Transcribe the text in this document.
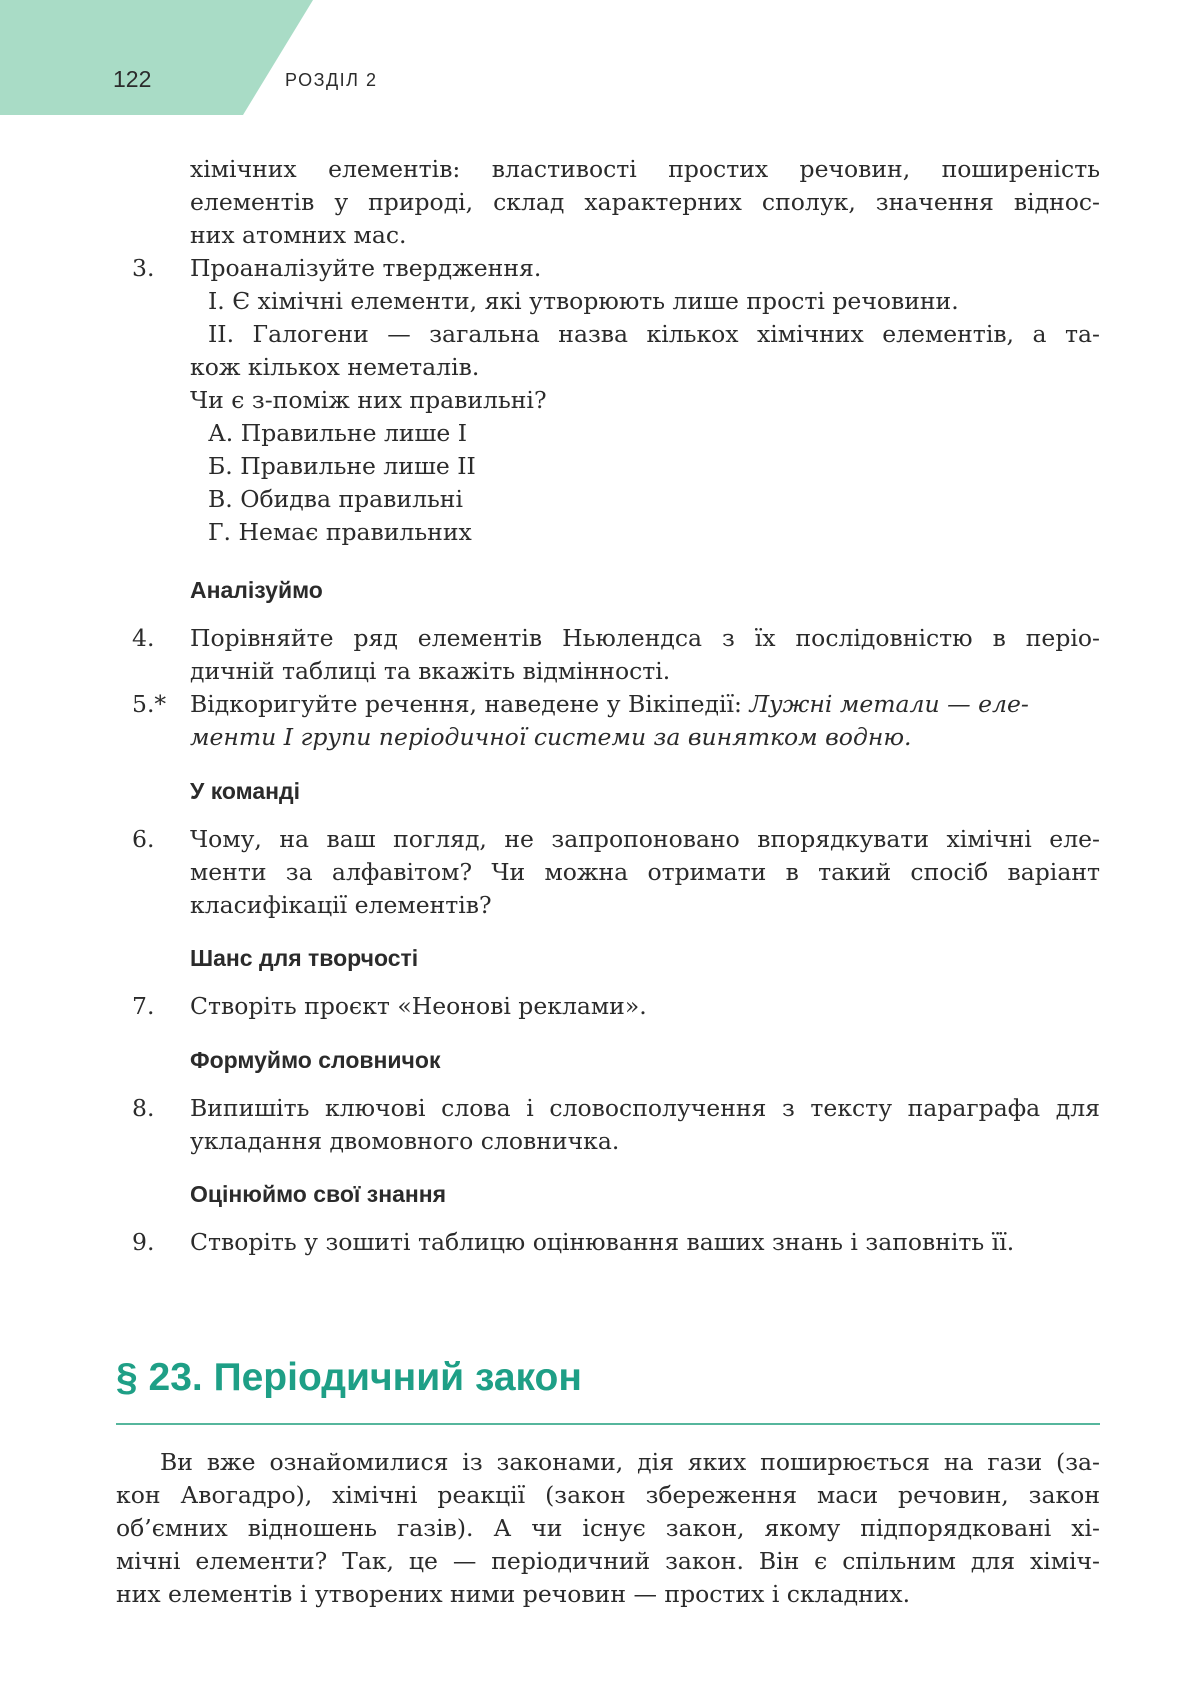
122	РОЗДІЛ 2
хімічних елементів: властивості простих речовин, поширеність
елементів у природі, склад характерних сполук, значення віднос-
них атомних мас.
3. Проаналізуйте твердження.
І. Є хімічні елементи, які утворюють лише прості речовини.
ІІ. Галогени — загальна назва кількох хімічних елементів, а та-
кож кількох неметалів.
Чи є з-поміж них правильні?
А. Правильне лише І
Б. Правильне лише ІІ
В. Обидва правильні
Г. Немає правильних
Аналізуймо
4. Порівняйте ряд елементів Ньюлендса з їх послідовністю в періо-
дичній таблиці та вкажіть відмінності.
5.* Відкоригуйте речення, наведене у Вікіпедії: Лужні метали — еле-
менти І групи періодичної системи за винятком водню.
У команді
6. Чому, на ваш погляд, не запропоновано впорядкувати хімічні еле-
менти за алфавітом? Чи можна отримати в такий спосіб варіант
класифікації елементів?
Шанс для творчості
7. Створіть проєкт «Неонові реклами».
Формуймо словничок
8. Випишіть ключові слова і словосполучення з тексту параграфа для
укладання двомовного словничка.
Оцінюймо свої знання
9. Створіть у зошиті таблицю оцінювання ваших знань і заповніть її.
§ 23. Періодичний закон
Ви вже ознайомилися із законами, дія яких поширюється на гази (за-
кон Авогадро), хімічні реакції (закон збереження маси речовин, закон
об’ємних відношень газів). А чи існує закон, якому підпорядковані хі-
мічні елементи? Так, це — періодичний закон. Він є спільним для хіміч-
них елементів і утворених ними речовин — простих і складних.
